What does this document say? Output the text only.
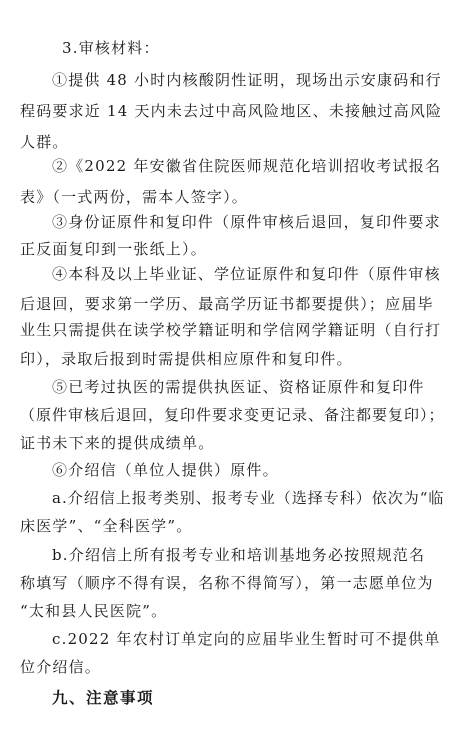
3.审核材料：
①提供 48 小时内核酸阴性证明，现场出示安康码和行
程码要求近 14 天内未去过中高风险地区、未接触过高风险
人群。
②《2022 年安徽省住院医师规范化培训招收考试报名
表》（一式两份，需本人签字）。
③身份证原件和复印件（原件审核后退回，复印件要求
正反面复印到一张纸上）。
④本科及以上毕业证、学位证原件和复印件（原件审核
后退回，要求第一学历、最高学历证书都要提供）；应届毕
业生只需提供在读学校学籍证明和学信网学籍证明（自行打
印），录取后报到时需提供相应原件和复印件。
⑤已考过执医的需提供执医证、资格证原件和复印件
（原件审核后退回，复印件要求变更记录、备注都要复印）；
证书未下来的提供成绩单。
⑥介绍信（单位人提供）原件。
a.介绍信上报考类别、报考专业（选择专科）依次为“临
床医学”、“全科医学”。
b.介绍信上所有报考专业和培训基地务必按照规范名
称填写（顺序不得有误，名称不得简写），第一志愿单位为
“太和县人民医院”。
c.2022 年农村订单定向的应届毕业生暂时可不提供单
位介绍信。
九、注意事项
